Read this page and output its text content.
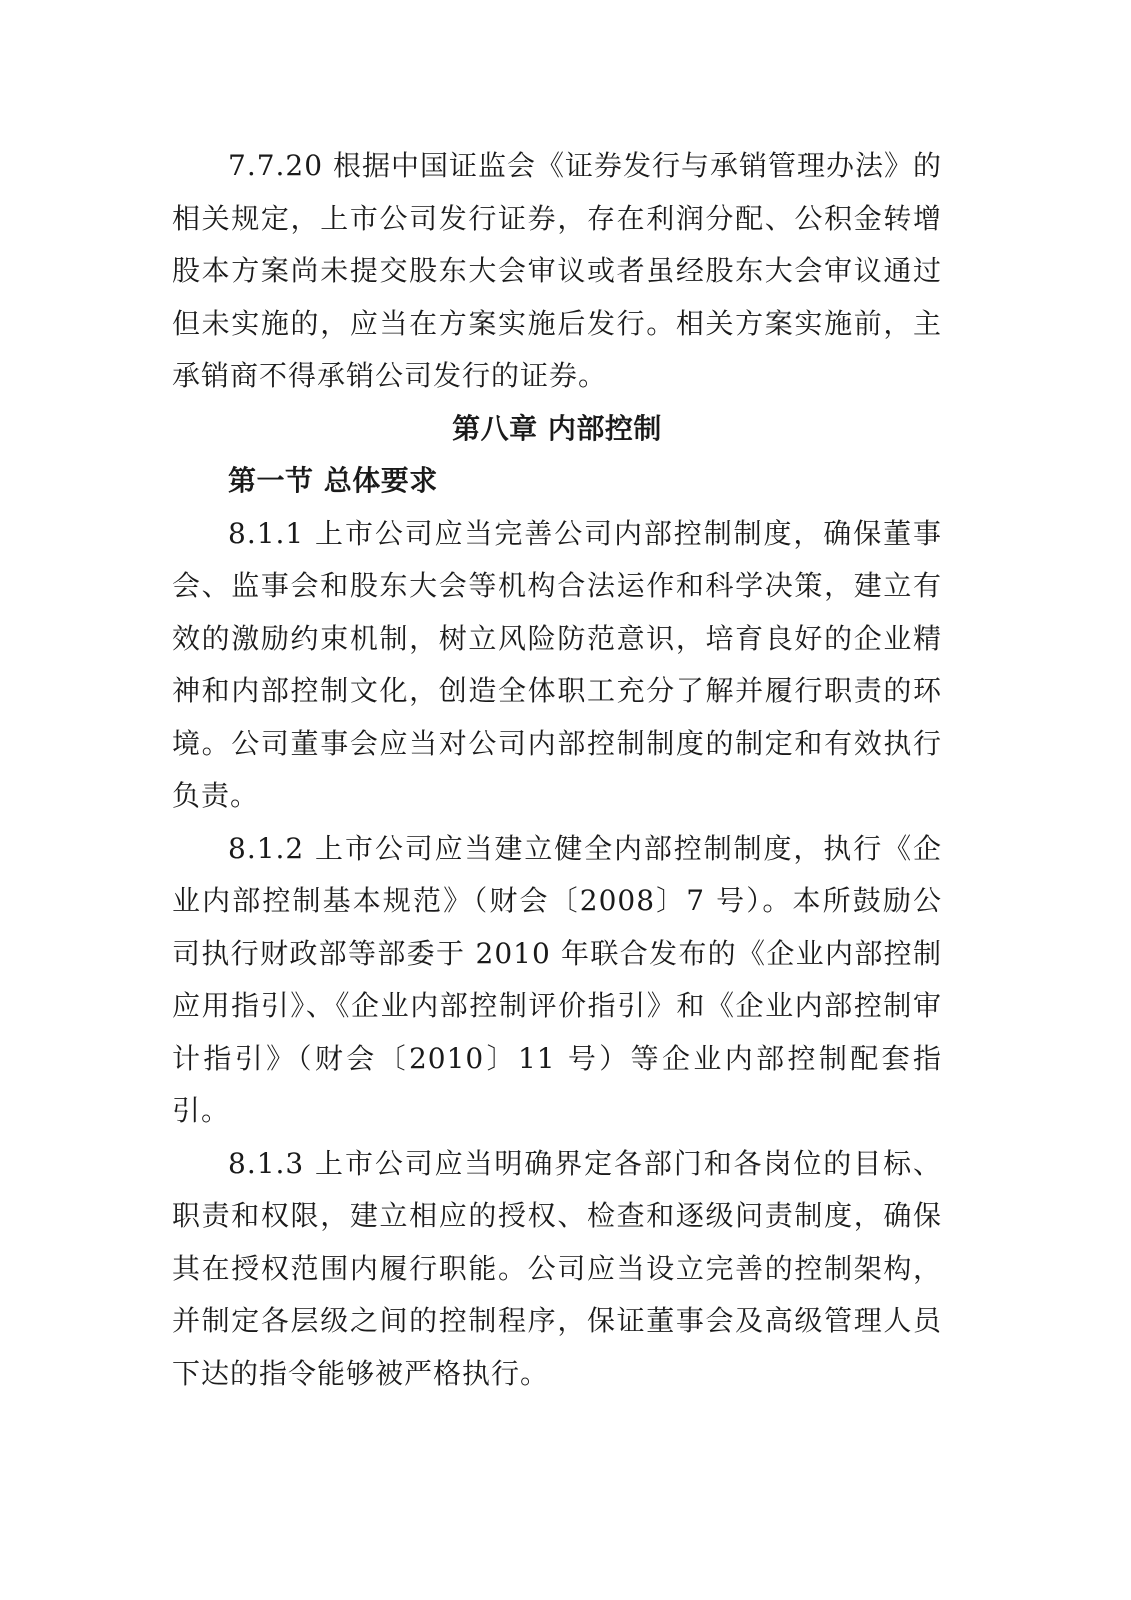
7.7.20 根据中国证监会《证券发行与承销管理办法》的相关规定，上市公司发行证券，存在利润分配、公积金转增股本方案尚未提交股东大会审议或者虽经股东大会审议通过但未实施的，应当在方案实施后发行。相关方案实施前，主承销商不得承销公司发行的证券。

第八章 内部控制

第一节 总体要求

8.1.1 上市公司应当完善公司内部控制制度，确保董事会、监事会和股东大会等机构合法运作和科学决策，建立有效的激励约束机制，树立风险防范意识，培育良好的企业精神和内部控制文化，创造全体职工充分了解并履行职责的环境。公司董事会应当对公司内部控制制度的制定和有效执行负责。

8.1.2 上市公司应当建立健全内部控制制度，执行《企业内部控制基本规范》（财会〔2008〕7 号）。本所鼓励公司执行财政部等部委于 2010 年联合发布的《企业内部控制应用指引》、《企业内部控制评价指引》和《企业内部控制审计指引》（财会〔2010〕11 号）等企业内部控制配套指引。

8.1.3 上市公司应当明确界定各部门和各岗位的目标、职责和权限，建立相应的授权、检查和逐级问责制度，确保其在授权范围内履行职能。公司应当设立完善的控制架构，并制定各层级之间的控制程序，保证董事会及高级管理人员下达的指令能够被严格执行。
